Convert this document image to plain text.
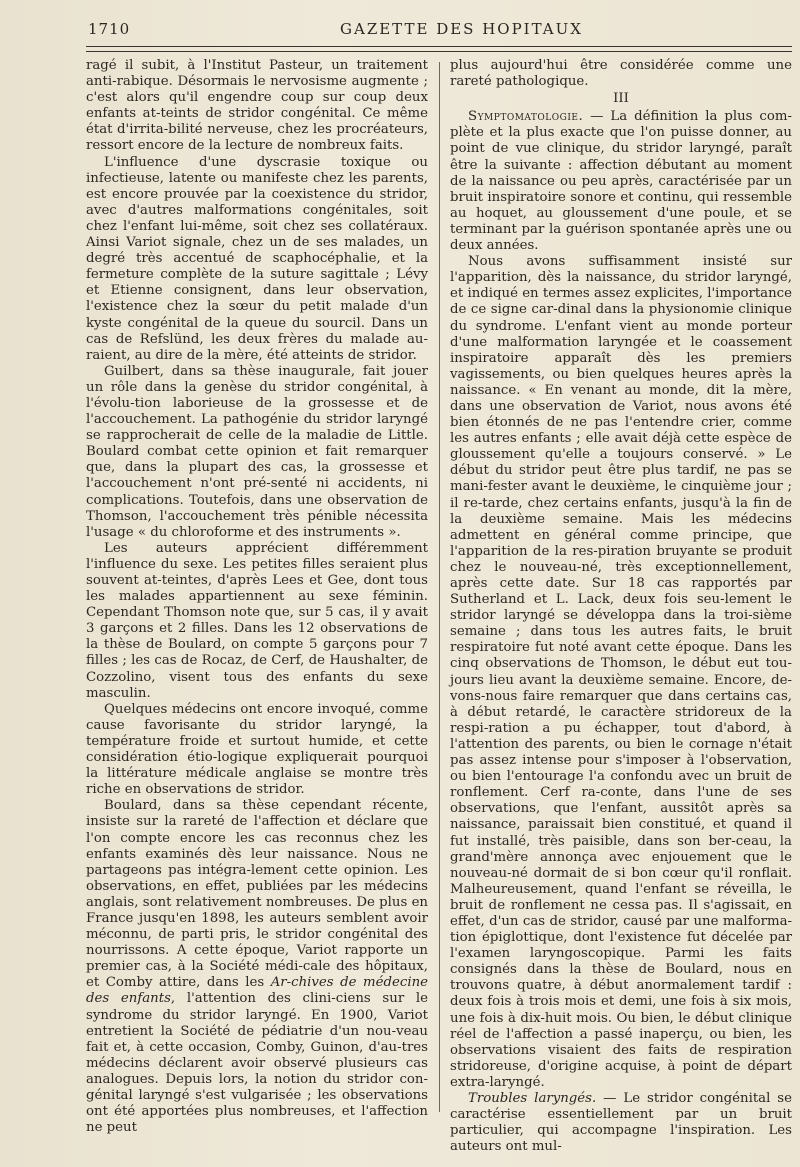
1710	GAZETTE DES HOPITAUX

ragé il subit, à l'Institut Pasteur, un traitement anti-rabique. Désormais le nervosisme augmente ; c'est alors qu'il engendre coup sur coup deux enfants at-teints de stridor congénital. Ce même état d'irrita-bilité nerveuse, chez les procréateurs, ressort encore de la lecture de nombreux faits.

L'influence d'une dyscrasie toxique ou infectieuse, latente ou manifeste chez les parents, est encore prouvée par la coexistence du stridor, avec d'autres malformations congénitales, soit chez l'enfant lui-même, soit chez ses collatéraux. Ainsi Variot signale, chez un de ses malades, un degré très accentué de scaphocéphalie, et la fermeture complète de la suture sagittale ; Lévy et Etienne consignent, dans leur observation, l'existence chez la sœur du petit malade d'un kyste congénital de la queue du sourcil. Dans un cas de Refslünd, les deux frères du malade au-raient, au dire de la mère, été atteints de stridor.

Guilbert, dans sa thèse inaugurale, fait jouer un rôle dans la genèse du stridor congénital, à l'évolu-tion laborieuse de la grossesse et de l'accouchement. La pathogénie du stridor laryngé se rapprocherait de celle de la maladie de Little. Boulard combat cette opinion et fait remarquer que, dans la plupart des cas, la grossesse et l'accouchement n'ont pré-senté ni accidents, ni complications. Toutefois, dans une observation de Thomson, l'accouchement très pénible nécessita l'usage « du chloroforme et des instruments ».

Les auteurs apprécient différemment l'influence du sexe. Les petites filles seraient plus souvent at-teintes, d'après Lees et Gee, dont tous les malades appartiennent au sexe féminin. Cependant Thomson note que, sur 5 cas, il y avait 3 garçons et 2 filles. Dans les 12 observations de la thèse de Boulard, on compte 5 garçons pour 7 filles ; les cas de Rocaz, de Cerf, de Haushalter, de Cozzolino, visent tous des enfants du sexe masculin.

Quelques médecins ont encore invoqué, comme cause favorisante du stridor laryngé, la température froide et surtout humide, et cette considération étio-logique expliquerait pourquoi la littérature médicale anglaise se montre très riche en observations de stridor.

Boulard, dans sa thèse cependant récente, insiste sur la rareté de l'affection et déclare que l'on compte encore les cas reconnus chez les enfants examinés dès leur naissance. Nous ne partageons pas intégra-lement cette opinion. Les observations, en effet, publiées par les médecins anglais, sont relativement nombreuses. De plus en France jusqu'en 1898, les auteurs semblent avoir méconnu, de parti pris, le stridor congénital des nourrissons. A cette époque, Variot rapporte un premier cas, à la Société médi-cale des hôpitaux, et Comby attire, dans les Ar-chives de médecine des enfants, l'attention des clini-ciens sur le syndrome du stridor laryngé. En 1900, Variot entretient la Société de pédiatrie d'un nou-veau fait et, à cette occasion, Comby, Guinon, d'au-tres médecins déclarent avoir observé plusieurs cas analogues. Depuis lors, la notion du stridor con-génital laryngé s'est vulgarisée ; les observations ont été apportées plus nombreuses, et l'affection ne peut

plus aujourd'hui être considérée comme une rareté pathologique.

III

Symptomatologie. — La définition la plus com-plète et la plus exacte que l'on puisse donner, au point de vue clinique, du stridor laryngé, paraît être la suivante : affection débutant au moment de la naissance ou peu après, caractérisée par un bruit inspiratoire sonore et continu, qui ressemble au hoquet, au gloussement d'une poule, et se terminant par la guérison spontanée après une ou deux années.

Nous avons suffisamment insisté sur l'apparition, dès la naissance, du stridor laryngé, et indiqué en termes assez explicites, l'importance de ce signe car-dinal dans la physionomie clinique du syndrome. L'enfant vient au monde porteur d'une malformation laryngée et le coassement inspiratoire apparaît dès les premiers vagissements, ou bien quelques heures après la naissance. « En venant au monde, dit la mère, dans une observation de Variot, nous avons été bien étonnés de ne pas l'entendre crier, comme les autres enfants ; elle avait déjà cette espèce de gloussement qu'elle a toujours conservé. » Le début du stridor peut être plus tardif, ne pas se mani-fester avant le deuxième, le cinquième jour ; il re-tarde, chez certains enfants, jusqu'à la fin de la deuxième semaine. Mais les médecins admettent en général comme principe, que l'apparition de la res-piration bruyante se produit chez le nouveau-né, très exceptionnellement, après cette date. Sur 18 cas rapportés par Sutherland et L. Lack, deux fois seu-lement le stridor laryngé se développa dans la troi-sième semaine ; dans tous les autres faits, le bruit respiratoire fut noté avant cette époque. Dans les cinq observations de Thomson, le début eut tou-jours lieu avant la deuxième semaine. Encore, de-vons-nous faire remarquer que dans certains cas, à début retardé, le caractère stridoreux de la respi-ration a pu échapper, tout d'abord, à l'attention des parents, ou bien le cornage n'était pas assez intense pour s'imposer à l'observation, ou bien l'entourage l'a confondu avec un bruit de ronflement. Cerf ra-conte, dans l'une de ses observations, que l'enfant, aussitôt après sa naissance, paraissait bien constitué, et quand il fut installé, très paisible, dans son ber-ceau, la grand'mère annonça avec enjouement que le nouveau-né dormait de si bon cœur qu'il ronflait. Malheureusement, quand l'enfant se réveilla, le bruit de ronflement ne cessa pas. Il s'agissait, en effet, d'un cas de stridor, causé par une malforma-tion épiglottique, dont l'existence fut décelée par l'examen laryngoscopique. Parmi les faits consignés dans la thèse de Boulard, nous en trouvons quatre, à début anormalement tardif : deux fois à trois mois et demi, une fois à six mois, une fois à dix-huit mois. Ou bien, le début clinique réel de l'affection a passé inaperçu, ou bien, les observations visaient des faits de respiration stridoreuse, d'origine acquise, à point de départ extra-laryngé.

Troubles laryngés. — Le stridor congénital se caractérise essentiellement par un bruit particulier, qui accompagne l'inspiration. Les auteurs ont mul-
